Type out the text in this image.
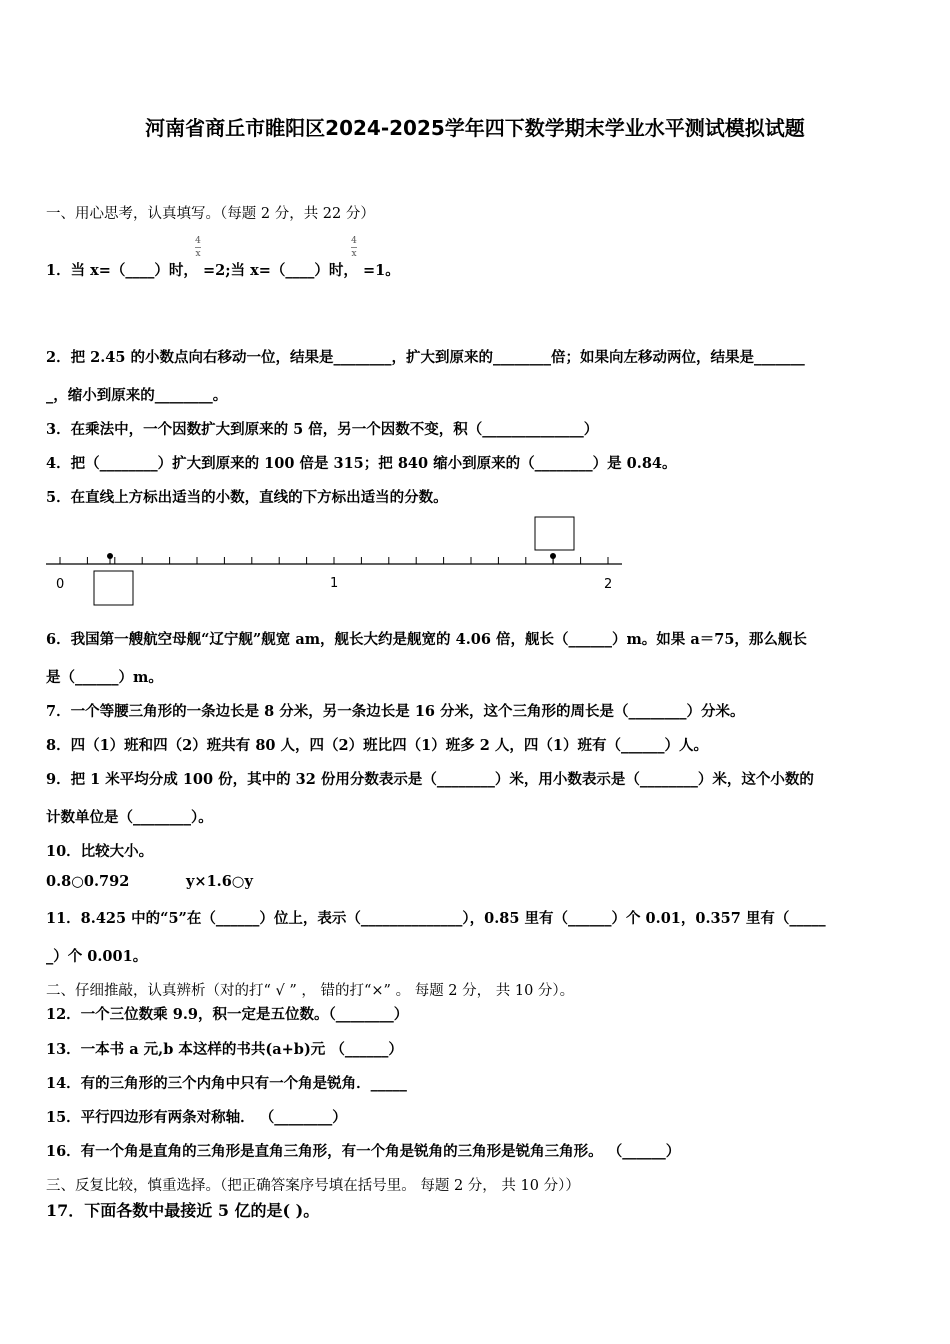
河南省商丘市睢阳区2024-2025学年四下数学期末学业水平测试模拟试题
一、用心思考，认真填写。（每题 2 分，共 22 分）
4
x
4
x
1．当 x=（____）时， =2;当 x=（____）时， =1。
2．把 2.45 的小数点向右移动一位，结果是________，扩大到原来的________倍；如果向左移动两位，结果是_______
_，缩小到原来的________。
3．在乘法中，一个因数扩大到原来的 5 倍，另一个因数不变，积（______________）
4．把（________）扩大到原来的 100 倍是 315；把 840 缩小到原来的（________）是 0.84。
5．在直线上方标出适当的小数，直线的下方标出适当的分数。
0	1	2
6．我国第一艘航空母舰“辽宁舰”舰宽 am，舰长大约是舰宽的 4.06 倍，舰长（______）m。如果 a＝75，那么舰长
是（______）m。
7．一个等腰三角形的一条边长是 8 分米，另一条边长是 16 分米，这个三角形的周长是（________）分米。
8．四（1）班和四（2）班共有 80 人，四（2）班比四（1）班多 2 人，四（1）班有（______）人。
9．把 1 米平均分成 100 份，其中的 32 份用分数表示是（________）米，用小数表示是（________）米，这个小数的
计数单位是（________）。
10．比较大小。
0.8○0.792	y×1.6○y
11．8.425 中的“5”在（______）位上，表示（______________），0.85 里有（______）个 0.01，0.357 里有（_____
_）个 0.001。
二、仔细推敲，认真辨析（对的打“ √ ” ， 错的打“×” 。 每题 2 分， 共 10 分）。
12．一个三位数乘 9.9，积一定是五位数。（________）
13．一本书 a 元,b 本这样的书共(a+b)元 （______）
14．有的三角形的三个内角中只有一个角是锐角．_____
15．平行四边形有两条对称轴． （________）
16．有一个角是直角的三角形是直角三角形，有一个角是锐角的三角形是锐角三角形。 （______）
三、反复比较，慎重选择。（把正确答案序号填在括号里。 每题 2 分， 共 10 分））
17．下面各数中最接近 5 亿的是( )。
